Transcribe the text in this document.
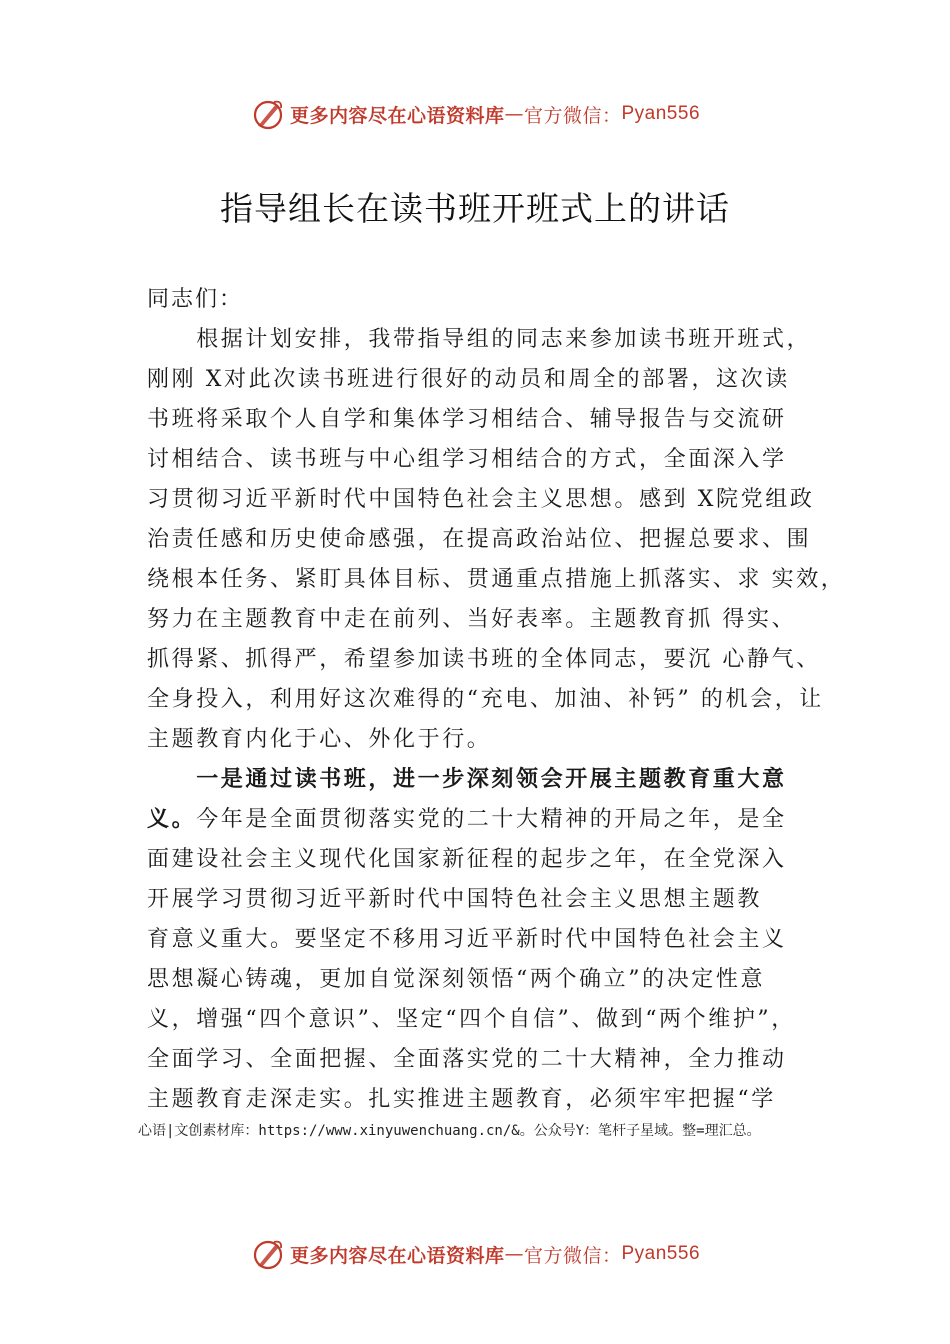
更多内容尽在心语资料库 — 官方微信： Pyan556
指导组长在读书班开班式上的讲话
同志们：
　　根据计划安排，我带指导组的同志来参加读书班开班式，
刚刚 X对此次读书班进行很好的动员和周全的部署，这次读
书班将采取个人自学和集体学习相结合、辅导报告与交流研
讨相结合、读书班与中心组学习相结合的方式，全面深入学
习贯彻习近平新时代中国特色社会主义思想。感到 X院党组政
治责任感和历史使命感强，在提高政治站位、把握总要求、围
绕根本任务、紧盯具体目标、贯通重点措施上抓落实、求 实效，
努力在主题教育中走在前列、当好表率。主题教育抓 得实、
抓得紧、抓得严，希望参加读书班的全体同志，要沉 心静气、
全身投入，利用好这次难得的“充电、加油、补钙” 的机会，让
主题教育内化于心、外化于行。
　　一是通过读书班，进一步深刻领会开展主题教育重大意
义。今年是全面贯彻落实党的二十大精神的开局之年，是全
面建设社会主义现代化国家新征程的起步之年，在全党深入
开展学习贯彻习近平新时代中国特色社会主义思想主题教
育意义重大。要坚定不移用习近平新时代中国特色社会主义
思想凝心铸魂，更加自觉深刻领悟“两个确立”的决定性意
义，增强“四个意识”、坚定“四个自信”、做到“两个维护”，
全面学习、全面把握、全面落实党的二十大精神，全力推动
主题教育走深走实。扎实推进主题教育，必须牢牢把握“学
心语|文创素材库：https://www.xinyuwenchuang.cn/&。公众号Y：笔杆子星域。整=理汇总。
更多内容尽在心语资料库 — 官方微信： Pyan556
